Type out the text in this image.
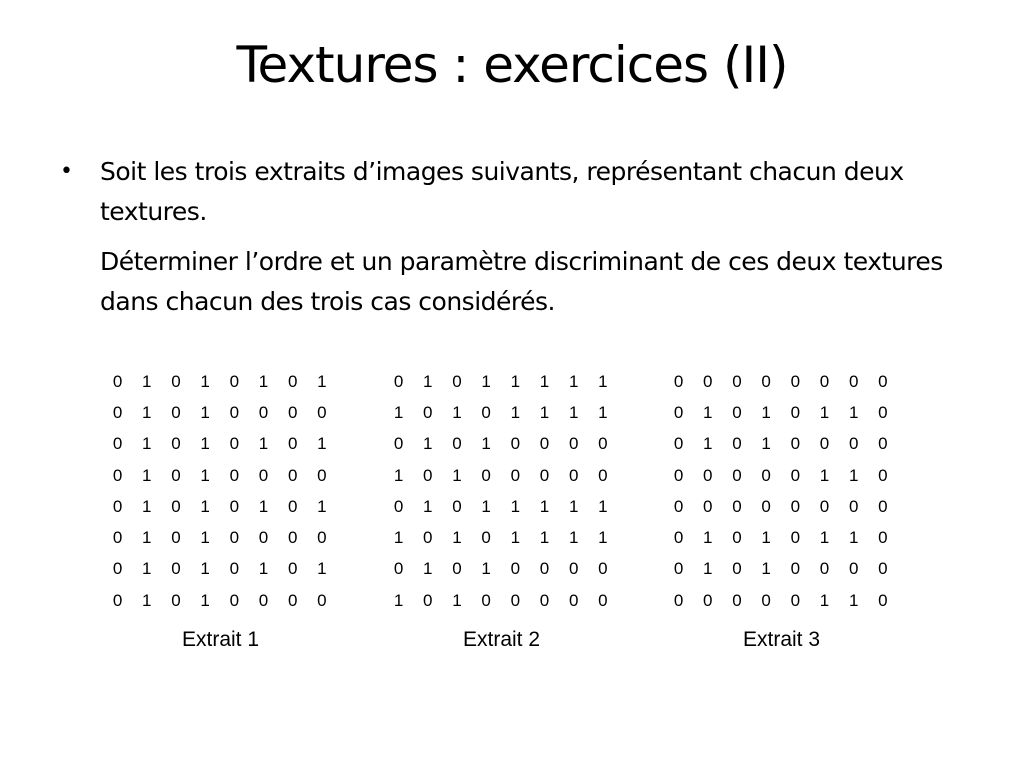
Textures : exercices (II)
•	Soit les trois extraits d’images suivants, représentant chacun deux textures.
Déterminer l’ordre et un paramètre discriminant de ces deux textures dans chacun des trois cas considérés.
0	1	0	1	0	1	0	1
0	1	0	1	0	0	0	0
0	1	0	1	0	1	0	1
0	1	0	1	0	0	0	0
0	1	0	1	0	1	0	1
0	1	0	1	0	0	0	0
0	1	0	1	0	1	0	1
0	1	0	1	0	0	0	0
Extrait 1
0	1	0	1	1	1	1	1
1	0	1	0	1	1	1	1
0	1	0	1	0	0	0	0
1	0	1	0	0	0	0	0
0	1	0	1	1	1	1	1
1	0	1	0	1	1	1	1
0	1	0	1	0	0	0	0
1	0	1	0	0	0	0	0
Extrait 2
0	0	0	0	0	0	0	0
0	1	0	1	0	1	1	0
0	1	0	1	0	0	0	0
0	0	0	0	0	1	1	0
0	0	0	0	0	0	0	0
0	1	0	1	0	1	1	0
0	1	0	1	0	0	0	0
0	0	0	0	0	1	1	0
Extrait 3
